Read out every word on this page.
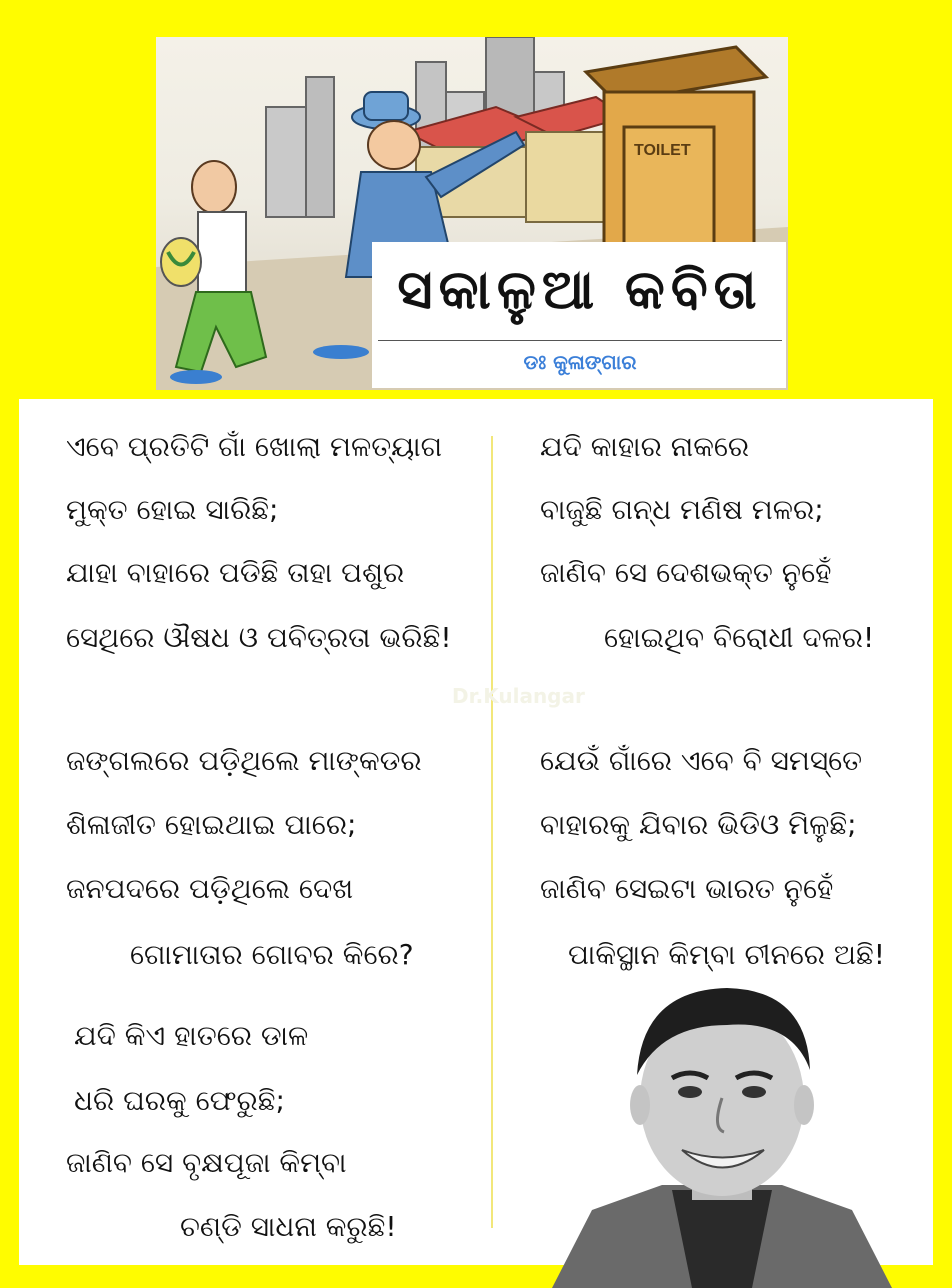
TOILET
ସକାଳୁଆ କବିତା
ଡଃ କୁଳାଙ୍ଗାର
Dr.Kulangar
ଏବେ ପ୍ରତିଟି ଗାଁ ଖୋଲା ମଳତ୍ୟାଗ
ମୁକ୍ତ ହୋଇ ସାରିଛି;
ଯାହା ବାହାରେ ପଡିଛି ତାହା ପଶୁର
ସେଥିରେ ଔଷଧ ଓ ପବିତ୍ରତା ଭରିଛି!
ଜଙ୍ଗଲରେ ପଡ଼ିଥିଲେ ମାଙ୍କଡର
ଶିଳାଜୀତ ହୋଇଥାଇ ପାରେ;
ଜନପଦରେ ପଡ଼ିଥିଲେ ଦେଖ
ଗୋମାତାର ଗୋବର କିରେ?
ଯଦି କିଏ ହାତରେ ଡାଳ
ଧରି ଘରକୁ ଫେରୁଛି;
ଜାଣିବ ସେ ବୃକ୍ଷପୂଜା କିମ୍ବା
ଚଣ୍ଡି ସାଧନା କରୁଛି!
ଯଦି କାହାର ନାକରେ
ବାଜୁଛି ଗନ୍ଧ ମଣିଷ ମଳର;
ଜାଣିବ ସେ ଦେଶଭକ୍ତ ନୁହେଁ
ହୋଇଥିବ ବିରୋଧୀ ଦଳର!
ଯେଉଁ ଗାଁରେ ଏବେ ବି ସମସ୍ତେ
ବାହାରକୁ ଯିବାର ଭିଡିଓ ମିଳୁଛି;
ଜାଣିବ ସେଇଟା ଭାରତ ନୁହେଁ
ପାକିସ୍ଥାନ କିମ୍ବା ଚୀନରେ ଅଛି!
